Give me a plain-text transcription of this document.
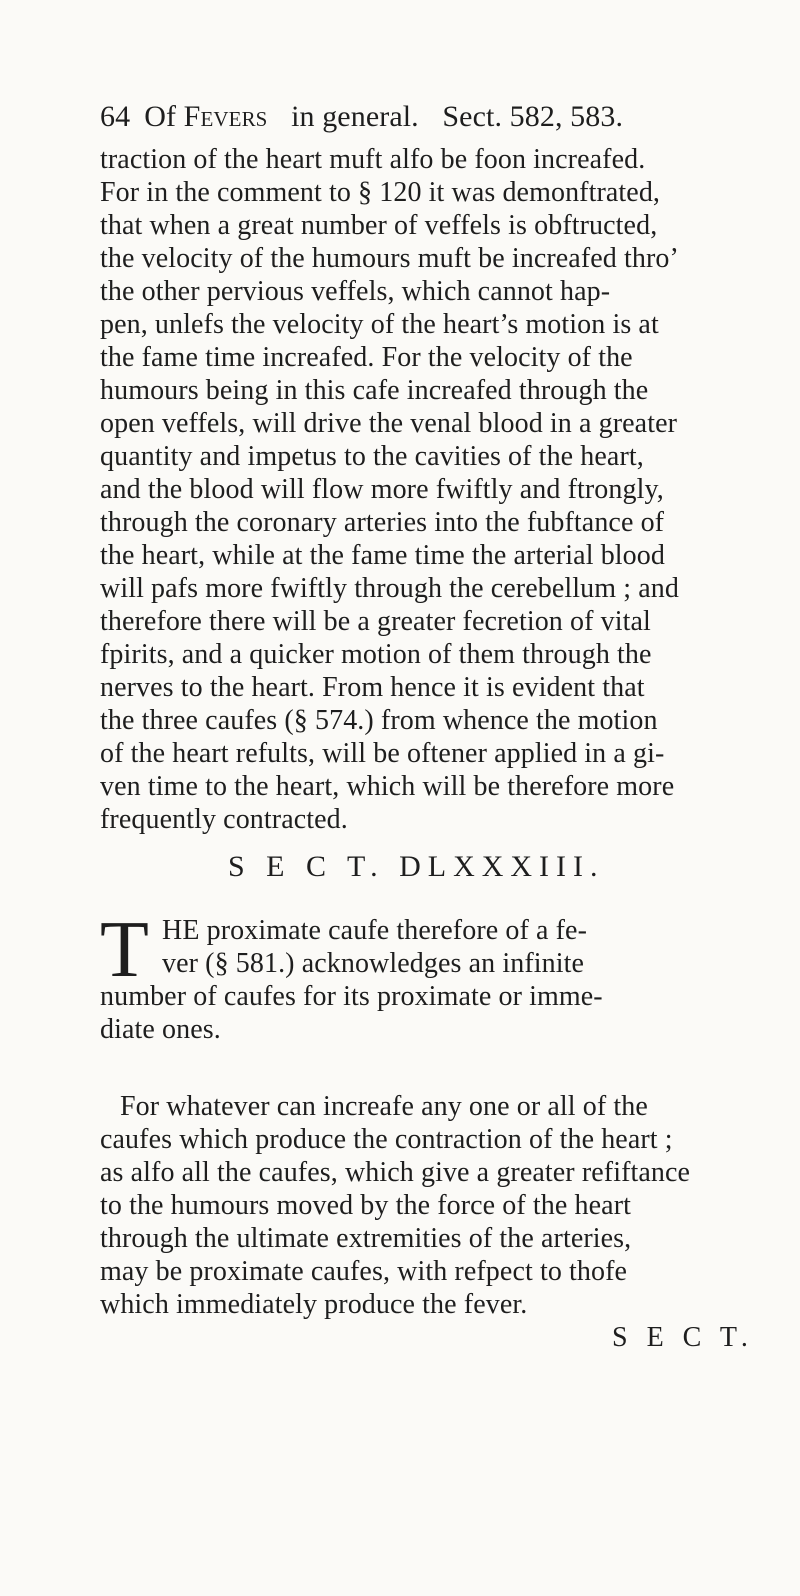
64 Of Fevers in general. Sect. 582, 583.
traction of the heart muft alfo be foon increafed.
For in the comment to § 120 it was demonftrated,
that when a great number of veffels is obftructed,
the velocity of the humours muft be increafed thro’
the other pervious veffels, which cannot hap-
pen, unlefs the velocity of the heart’s motion is at
the fame time increafed. For the velocity of the
humours being in this cafe increafed through the
open veffels, will drive the venal blood in a greater
quantity and impetus to the cavities of the heart,
and the blood will flow more fwiftly and ftrongly,
through the coronary arteries into the fubftance of
the heart, while at the fame time the arterial blood
will pafs more fwiftly through the cerebellum ; and
therefore there will be a greater fecretion of vital
fpirits, and a quicker motion of them through the
nerves to the heart. From hence it is evident that
the three caufes (§ 574.) from whence the motion
of the heart refults, will be oftener applied in a gi-
ven time to the heart, which will be therefore more
frequently contracted.
S E C T. DLXXXIII.
T HE proximate caufe therefore of a fe-
ver (§ 581.) acknowledges an infinite
number of caufes for its proximate or imme-
diate ones.
For whatever can increafe any one or all of the
caufes which produce the contraction of the heart ;
as alfo all the caufes, which give a greater refiftance
to the humours moved by the force of the heart
through the ultimate extremities of the arteries,
may be proximate caufes, with refpect to thofe
which immediately produce the fever.
S E C T.
